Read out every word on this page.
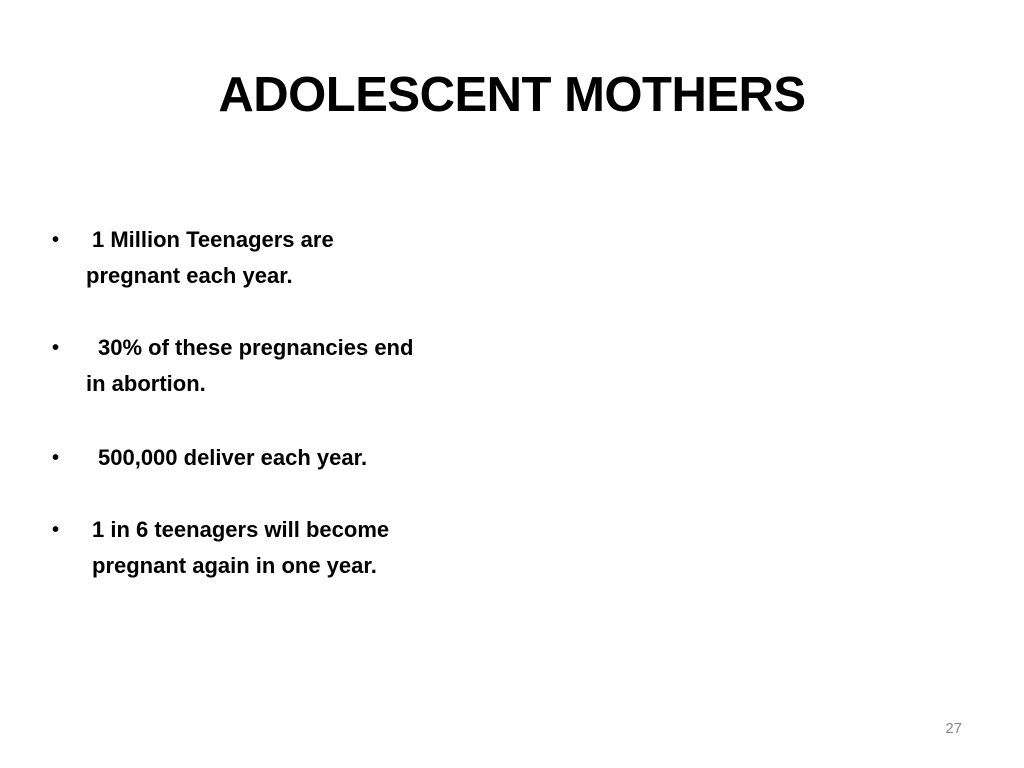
ADOLESCENT MOTHERS
• 1 Million Teenagers are
pregnant each year.
•	30% of these pregnancies end
in abortion.
•	500,000 deliver each year.
• 1 in 6 teenagers will become
pregnant again in one year.
27
